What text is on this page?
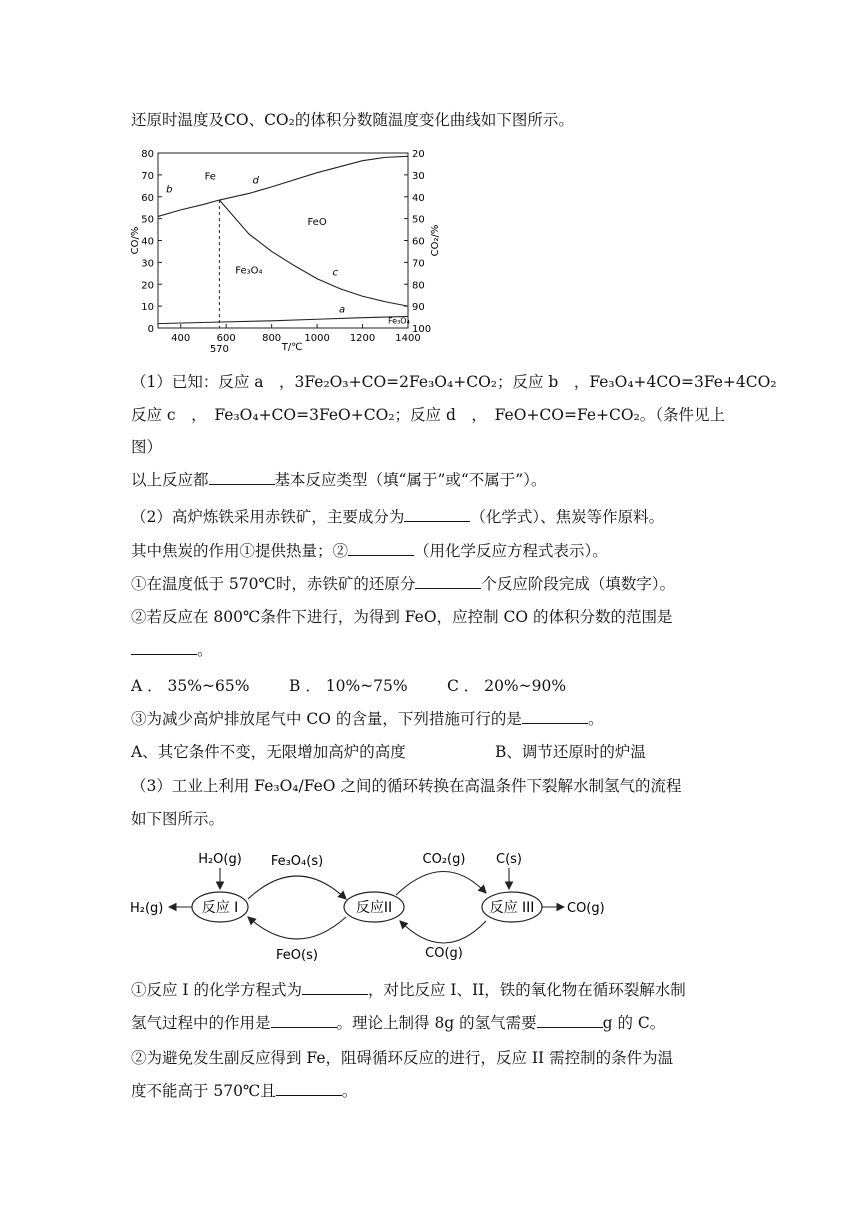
还原时温度及CO、CO₂的体积分数随温度变化曲线如下图所示。
0
10
20
30
40
50
60
70
80
100
90
80
70
60
50
40
30
20
400	600	800 1000 1200 1400
T/℃
CO/%	CO₂/%
570
b
d
c
a
Fe
FeO
Fe₃O₄
Fe₃O₄
（1）已知：反应 a　，3Fe₂O₃+CO=2Fe₃O₄+CO₂；反应 b　，Fe₃O₄+4CO=3Fe+4CO₂
反应 c　，　Fe₃O₄+CO=3FeO+CO₂；反应 d　，　FeO+CO=Fe+CO₂。（条件见上
图）
以上反应都	基本反应类型（填“属于”或“不属于”）。
（2）高炉炼铁采用赤铁矿，主要成分为	（化学式）、焦炭等作原料。
其中焦炭的作用①提供热量；②	（用化学反应方程式表示）。
①在温度低于 570℃时，赤铁矿的还原分	个反应阶段完成（填数字）。
②若反应在 800℃条件下进行，为得到 FeO，应控制 CO 的体积分数的范围是
。
A ． 35%~65%	B ． 10%~75%	C ． 20%~90%
③为减少高炉排放尾气中 CO 的含量，下列措施可行的是	。
A、其它条件不变，无限增加高炉的高度	B、调节还原时的炉温
（3）工业上利用 Fe₃O₄/FeO 之间的循环转换在高温条件下裂解水制氢气的流程
如下图所示。
反应 I	反应II	反应 III
H₂O(g)	C(s)
H₂(g)	CO(g)
Fe₃O₄(s)
FeO(s)
CO₂(g)
CO(g)
①反应 I 的化学方程式为	，对比反应 I、II，铁的氧化物在循环裂解水制
氢气过程中的作用是	。理论上制得 8g 的氢气需要	g 的 C。
②为避免发生副反应得到 Fe，阻碍循环反应的进行，反应 II 需控制的条件为温
度不能高于 570℃且	。
